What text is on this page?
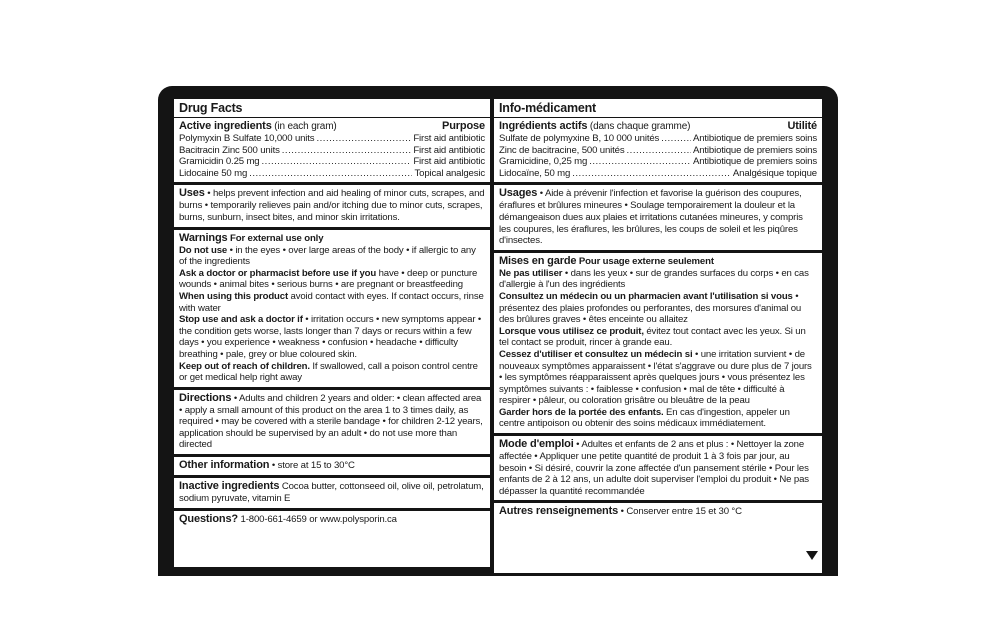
Drug Facts
Active ingredients (in each gram)	Purpose
Polymyxin B Sulfate 10,000 units .....	First aid antibiotic
Bacitracin Zinc 500 units .....	First aid antibiotic
Gramicidin 0.25 mg .....	First aid antibiotic
Lidocaine 50 mg .....	Topical analgesic

Uses • helps prevent infection and aid healing of minor cuts, scrapes, and burns • temporarily relieves pain and/or itching due to minor cuts, scrapes, burns, sunburn, insect bites, and minor skin irritations.

Warnings For external use only

Do not use • in the eyes • over large areas of the body • if allergic to any of the ingredients

Ask a doctor or pharmacist before use if you have • deep or puncture wounds • animal bites • serious burns • are pregnant or breastfeeding

When using this product avoid contact with eyes. If contact occurs, rinse with water

Stop use and ask a doctor if • irritation occurs • new symptoms appear • the condition gets worse, lasts longer than 7 days or recurs within a few days • you experience • weakness • confusion • headache • difficulty breathing • pale, grey or blue coloured skin.

Keep out of reach of children. If swallowed, call a poison control centre or get medical help right away

Directions • Adults and children 2 years and older: • clean affected area • apply a small amount of this product on the area 1 to 3 times daily, as required • may be covered with a sterile bandage • for children 2-12 years, application should be supervised by an adult • do not use more than directed

Other information • store at 15 to 30°C

Inactive ingredients Cocoa butter, cottonseed oil, olive oil, petrolatum, sodium pyruvate, vitamin E

Questions? 1-800-661-4659 or www.polysporin.ca

Info-médicament
Ingrédients actifs (dans chaque gramme)	Utilité
Sulfate de polymyxine B, 10 000 unités .....	Antibiotique de premiers soins
Zinc de bacitracine, 500 unités .....	Antibiotique de premiers soins
Gramicidine, 0,25 mg .....	Antibiotique de premiers soins
Lidocaïne, 50 mg .....	Analgésique topique

Usages • Aide à prévenir l'infection et favorise la guérison des coupures, éraflures et brûlures mineures • Soulage temporairement la douleur et la démangeaison dues aux plaies et irritations cutanées mineures, y compris les coupures, les éraflures, les brûlures, les coups de soleil et les piqûres d'insectes.

Mises en garde Pour usage externe seulement

Ne pas utiliser • dans les yeux • sur de grandes surfaces du corps • en cas d'allergie à l'un des ingrédients

Consultez un médecin ou un pharmacien avant l'utilisation si vous • présentez des plaies profondes ou perforantes, des morsures d'animal ou des brûlures graves • êtes enceinte ou allaitez

Lorsque vous utilisez ce produit, évitez tout contact avec les yeux. Si un tel contact se produit, rincer à grande eau.

Cessez d'utiliser et consultez un médecin si • une irritation survient • de nouveaux symptômes apparaissent • l'état s'aggrave ou dure plus de 7 jours • les symptômes réapparaissent après quelques jours • vous présentez les symptômes suivants : • faiblesse • confusion • mal de tête • difficulté à respirer • pâleur, ou coloration grisâtre ou bleuâtre de la peau

Garder hors de la portée des enfants. En cas d'ingestion, appeler un centre antipoison ou obtenir des soins médicaux immédiatement.

Mode d'emploi • Adultes et enfants de 2 ans et plus : • Nettoyer la zone affectée • Appliquer une petite quantité de produit 1 à 3 fois par jour, au besoin • Si désiré, couvrir la zone affectée d'un pansement stérile • Pour les enfants de 2 à 12 ans, un adulte doit superviser l'emploi du produit • Ne pas dépasser la quantité recommandée

Autres renseignements • Conserver entre 15 et 30 °C
